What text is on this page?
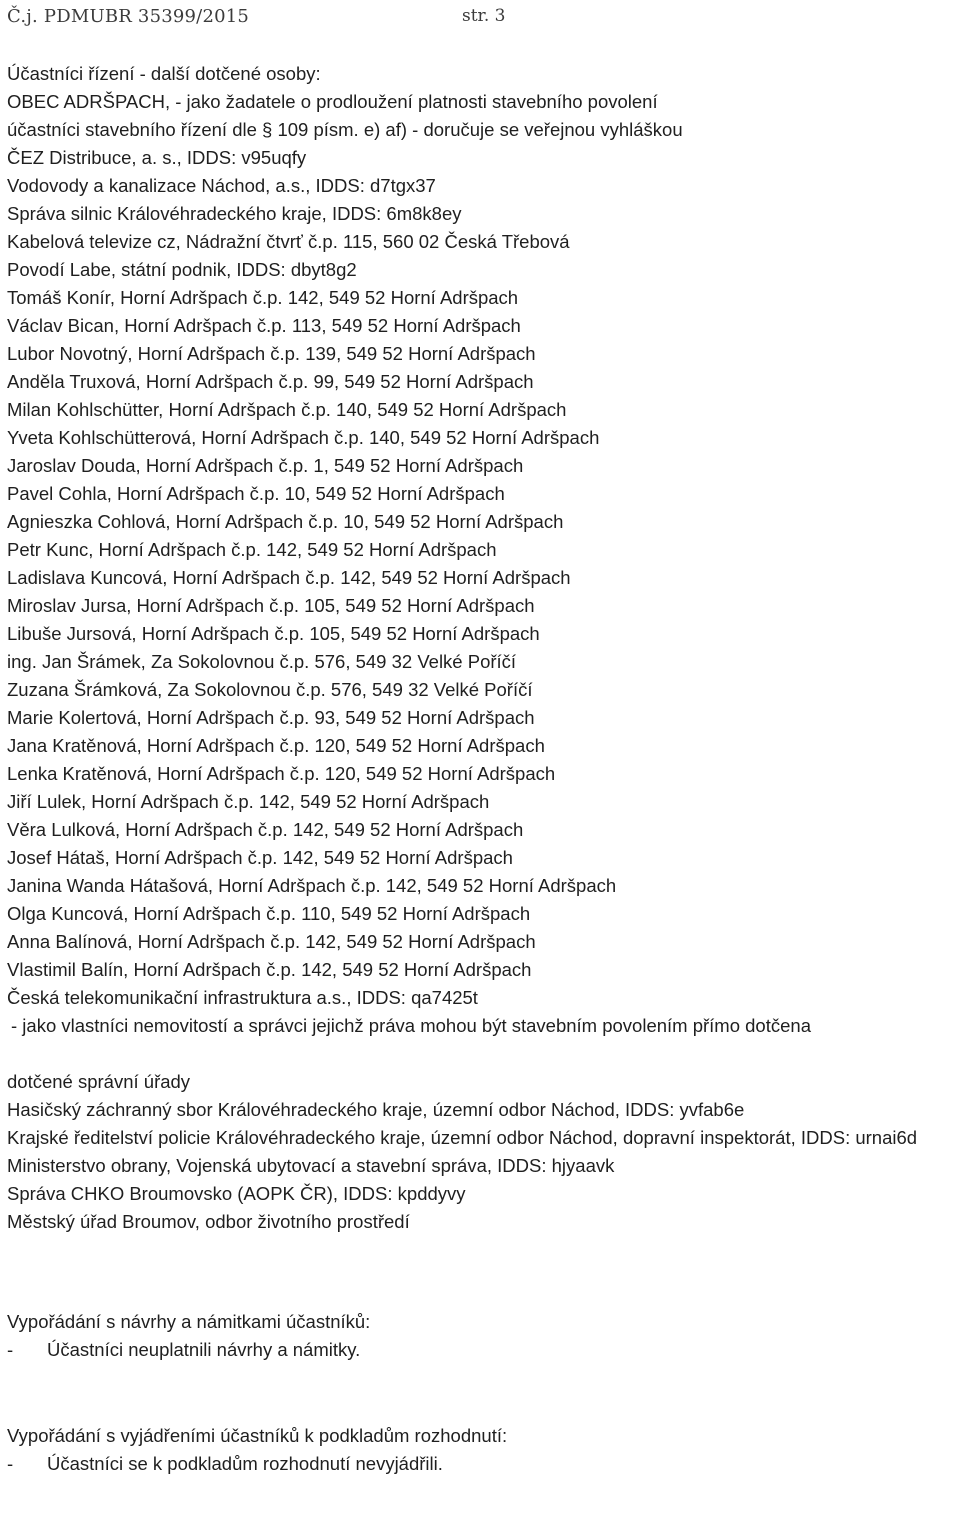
Č.j. PDMUBR 35399/2015	str. 3
Účastníci řízení - další dotčené osoby:
OBEC ADRŠPACH, - jako žadatele o prodloužení platnosti stavebního povolení
účastníci stavebního řízení dle § 109 písm. e) af) - doručuje se veřejnou vyhláškou
ČEZ Distribuce, a. s., IDDS: v95uqfy
Vodovody a kanalizace Náchod, a.s., IDDS: d7tgx37
Správa silnic Královéhradeckého kraje, IDDS: 6m8k8ey
Kabelová televize cz, Nádražní čtvrť č.p. 115, 560 02 Česká Třebová
Povodí Labe, státní podnik, IDDS: dbyt8g2
Tomáš Konír, Horní Adršpach č.p. 142, 549 52 Horní Adršpach
Václav Bican, Horní Adršpach č.p. 113, 549 52 Horní Adršpach
Lubor Novotný, Horní Adršpach č.p. 139, 549 52 Horní Adršpach
Anděla Truxová, Horní Adršpach č.p. 99, 549 52 Horní Adršpach
Milan Kohlschütter, Horní Adršpach č.p. 140, 549 52 Horní Adršpach
Yveta Kohlschütterová, Horní Adršpach č.p. 140, 549 52 Horní Adršpach
Jaroslav Douda, Horní Adršpach č.p. 1, 549 52 Horní Adršpach
Pavel Cohla, Horní Adršpach č.p. 10, 549 52 Horní Adršpach
Agnieszka Cohlová, Horní Adršpach č.p. 10, 549 52 Horní Adršpach
Petr Kunc, Horní Adršpach č.p. 142, 549 52 Horní Adršpach
Ladislava Kuncová, Horní Adršpach č.p. 142, 549 52 Horní Adršpach
Miroslav Jursa, Horní Adršpach č.p. 105, 549 52 Horní Adršpach
Libuše Jursová, Horní Adršpach č.p. 105, 549 52 Horní Adršpach
ing. Jan Šrámek, Za Sokolovnou č.p. 576, 549 32 Velké Poříčí
Zuzana Šrámková, Za Sokolovnou č.p. 576, 549 32 Velké Poříčí
Marie Kolertová, Horní Adršpach č.p. 93, 549 52 Horní Adršpach
Jana Kratěnová, Horní Adršpach č.p. 120, 549 52 Horní Adršpach
Lenka Kratěnová, Horní Adršpach č.p. 120, 549 52 Horní Adršpach
Jiří Lulek, Horní Adršpach č.p. 142, 549 52 Horní Adršpach
Věra Lulková, Horní Adršpach č.p. 142, 549 52 Horní Adršpach
Josef Hátaš, Horní Adršpach č.p. 142, 549 52 Horní Adršpach
Janina Wanda Hátašová, Horní Adršpach č.p. 142, 549 52 Horní Adršpach
Olga Kuncová, Horní Adršpach č.p. 110, 549 52 Horní Adršpach
Anna Balínová, Horní Adršpach č.p. 142, 549 52 Horní Adršpach
Vlastimil Balín, Horní Adršpach č.p. 142, 549 52 Horní Adršpach
Česká telekomunikační infrastruktura a.s., IDDS: qa7425t
- jako vlastníci nemovitostí a správci jejichž práva mohou být stavebním povolením přímo dotčena
dotčené správní úřady
Hasičský záchranný sbor Královéhradeckého kraje, územní odbor Náchod, IDDS: yvfab6e
Krajské ředitelství policie Královéhradeckého kraje, územní odbor Náchod, dopravní inspektorát, IDDS: urnai6d
Ministerstvo obrany, Vojenská ubytovací a stavební správa, IDDS: hjyaavk
Správa CHKO Broumovsko (AOPK ČR), IDDS: kpddyvy
Městský úřad Broumov, odbor životního prostředí
Vypořádání s návrhy a námitkami účastníků:
- Účastníci neuplatnili návrhy a námitky.
Vypořádání s vyjádřeními účastníků k podkladům rozhodnutí:
- Účastníci se k podkladům rozhodnutí nevyjádřili.
